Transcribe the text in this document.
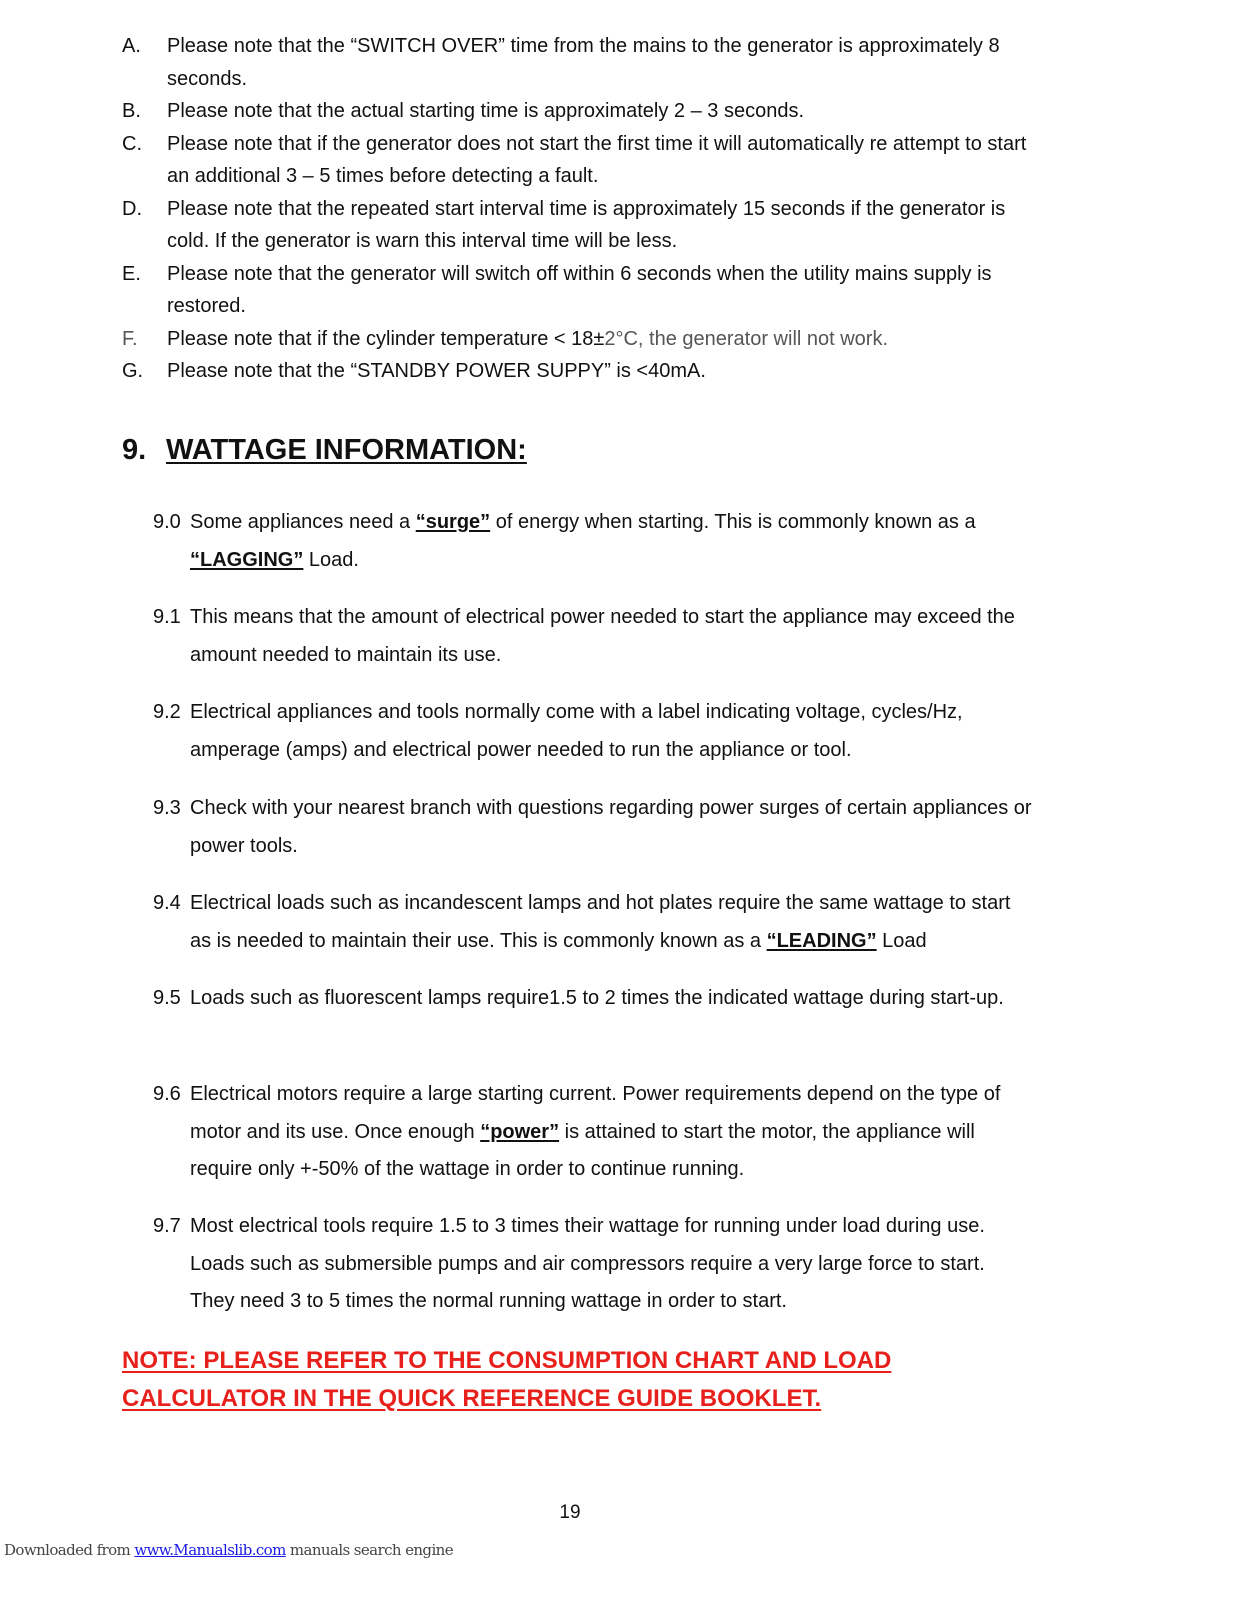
A.	Please note that the “SWITCH OVER” time from the mains to the generator is approximately 8 seconds.
B.	Please note that the actual starting time is approximately 2 – 3 seconds.
C.	Please note that if the generator does not start the first time it will automatically re attempt to start an additional 3 – 5 times before detecting a fault.
D.	Please note that the repeated start interval time is approximately 15 seconds if the generator is cold. If the generator is warn this interval time will be less.
E.	Please note that the generator will switch off within 6 seconds when the utility mains supply is restored.
F.	Please note that if the cylinder temperature < 18±2°C, the generator will not work.
G.	Please note that the “STANDBY POWER SUPPY” is <40mA.
9. WATTAGE INFORMATION:
9.0 Some appliances need a “surge” of energy when starting. This is commonly known as a “LAGGING” Load.
9.1 This means that the amount of electrical power needed to start the appliance may exceed the amount needed to maintain its use.
9.2 Electrical appliances and tools normally come with a label indicating voltage, cycles/Hz, amperage (amps) and electrical power needed to run the appliance or tool.
9.3 Check with your nearest branch with questions regarding power surges of certain appliances or power tools.
9.4 Electrical loads such as incandescent lamps and hot plates require the same wattage to start as is needed to maintain their use. This is commonly known as a “LEADING” Load
9.5 Loads such as fluorescent lamps require1.5 to 2 times the indicated wattage during start-up.
9.6 Electrical motors require a large starting current. Power requirements depend on the type of motor and its use. Once enough “power” is attained to start the motor, the appliance will require only +-50% of the wattage in order to continue running.
9.7 Most electrical tools require 1.5 to 3 times their wattage for running under load during use. Loads such as submersible pumps and air compressors require a very large force to start. They need 3 to 5 times the normal running wattage in order to start.
NOTE: PLEASE REFER TO THE CONSUMPTION CHART AND LOAD CALCULATOR IN THE QUICK REFERENCE GUIDE BOOKLET.
19
Downloaded from www.Manualslib.com manuals search engine
